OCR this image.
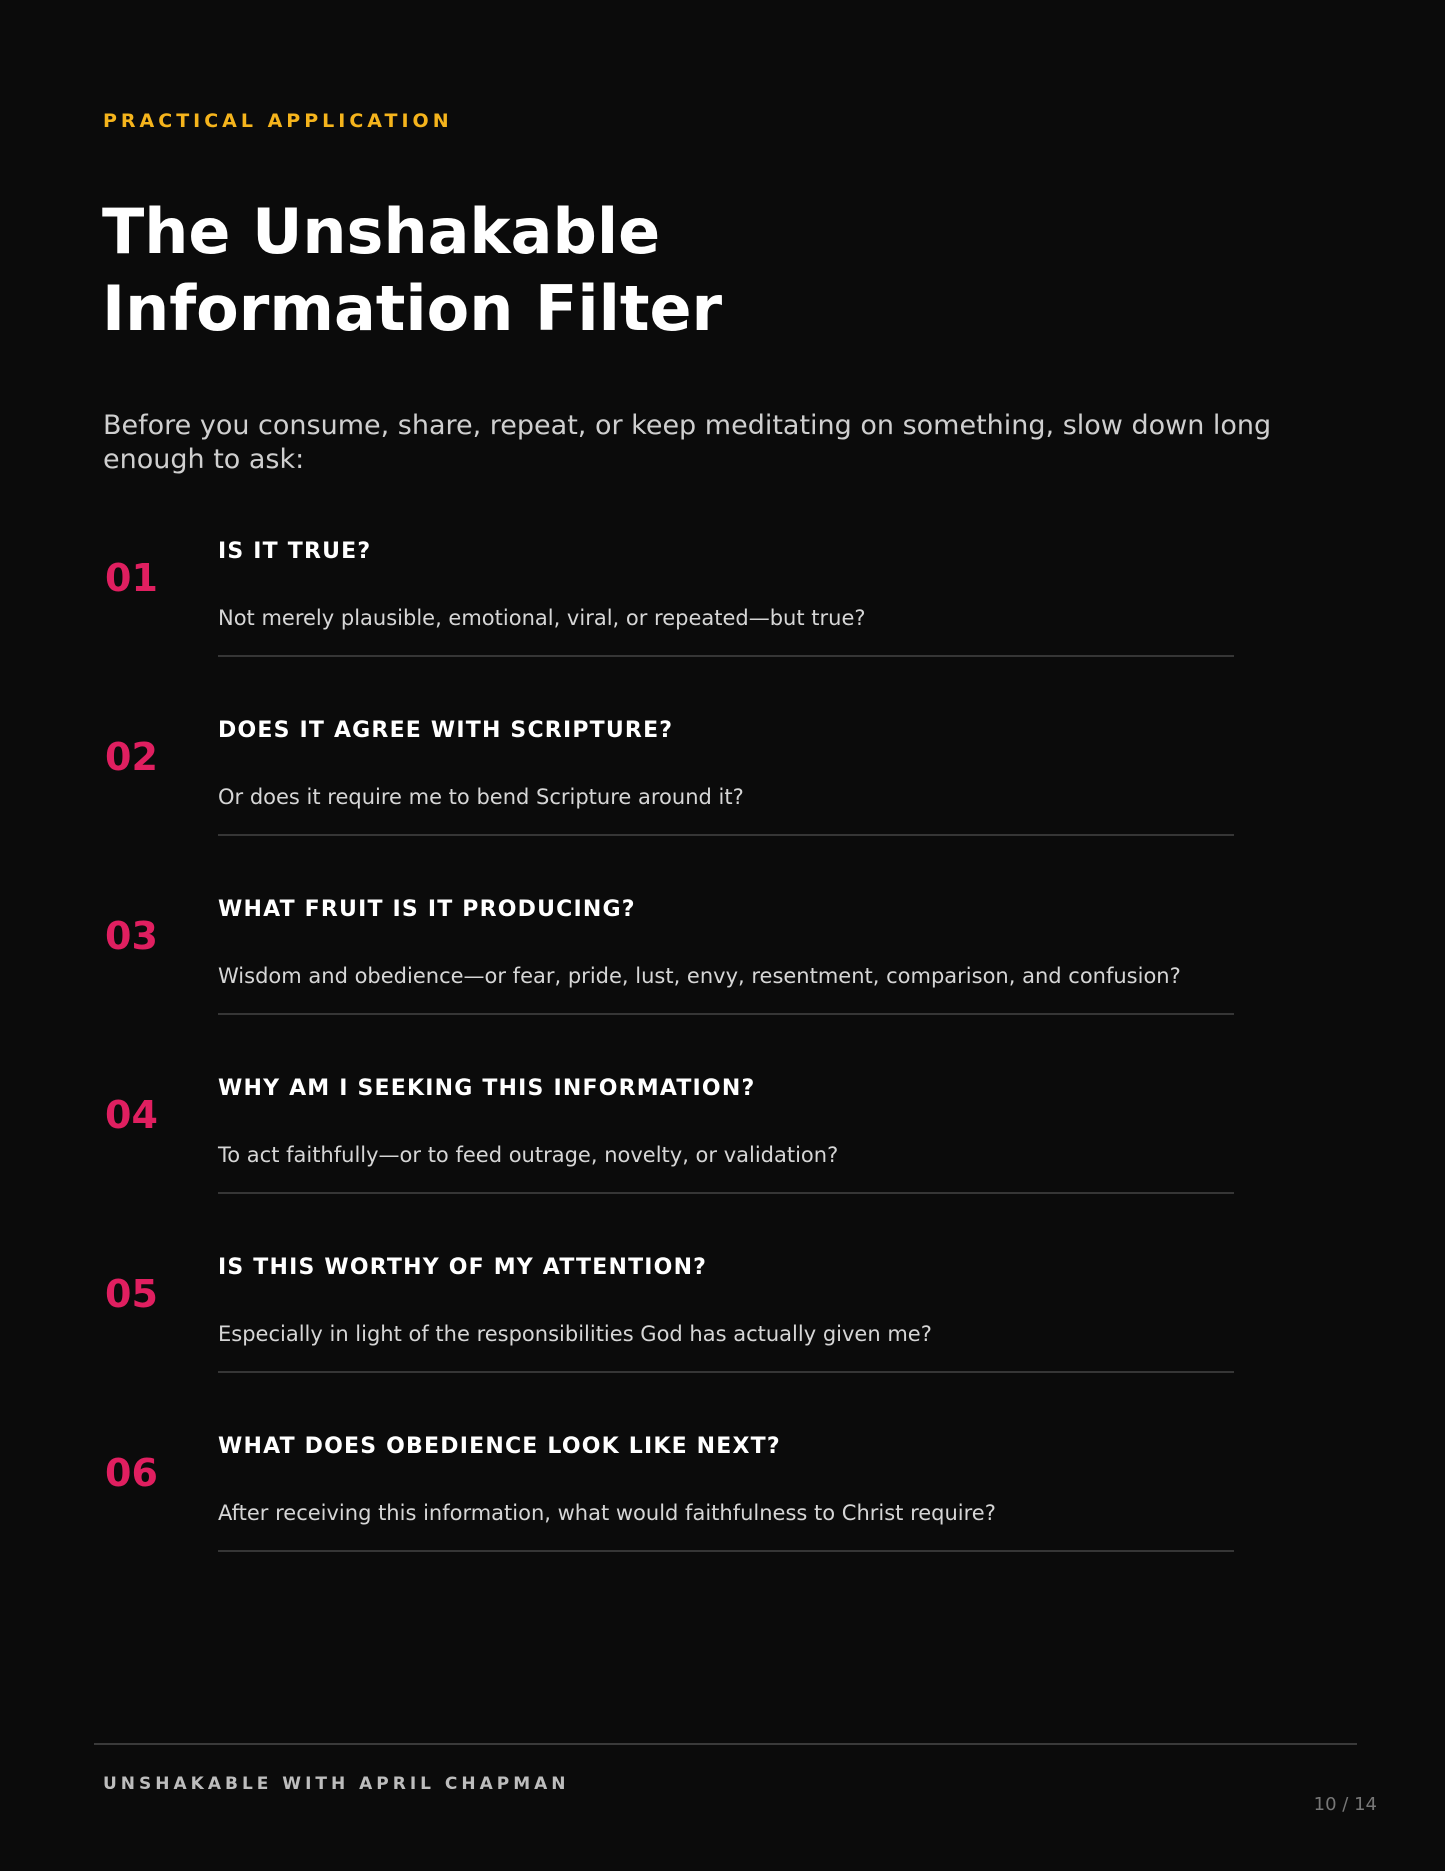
PRACTICAL APPLICATION
The Unshakable
Information Filter
Before you consume, share, repeat, or keep meditating on something, slow down long enough to ask:
01
IS IT TRUE?
Not merely plausible, emotional, viral, or repeated—but true?
02
DOES IT AGREE WITH SCRIPTURE?
Or does it require me to bend Scripture around it?
03
WHAT FRUIT IS IT PRODUCING?
Wisdom and obedience—or fear, pride, lust, envy, resentment, comparison, and confusion?
04
WHY AM I SEEKING THIS INFORMATION?
To act faithfully—or to feed outrage, novelty, or validation?
05
IS THIS WORTHY OF MY ATTENTION?
Especially in light of the responsibilities God has actually given me?
06
WHAT DOES OBEDIENCE LOOK LIKE NEXT?
After receiving this information, what would faithfulness to Christ require?
UNSHAKABLE WITH APRIL CHAPMAN
10 / 14
